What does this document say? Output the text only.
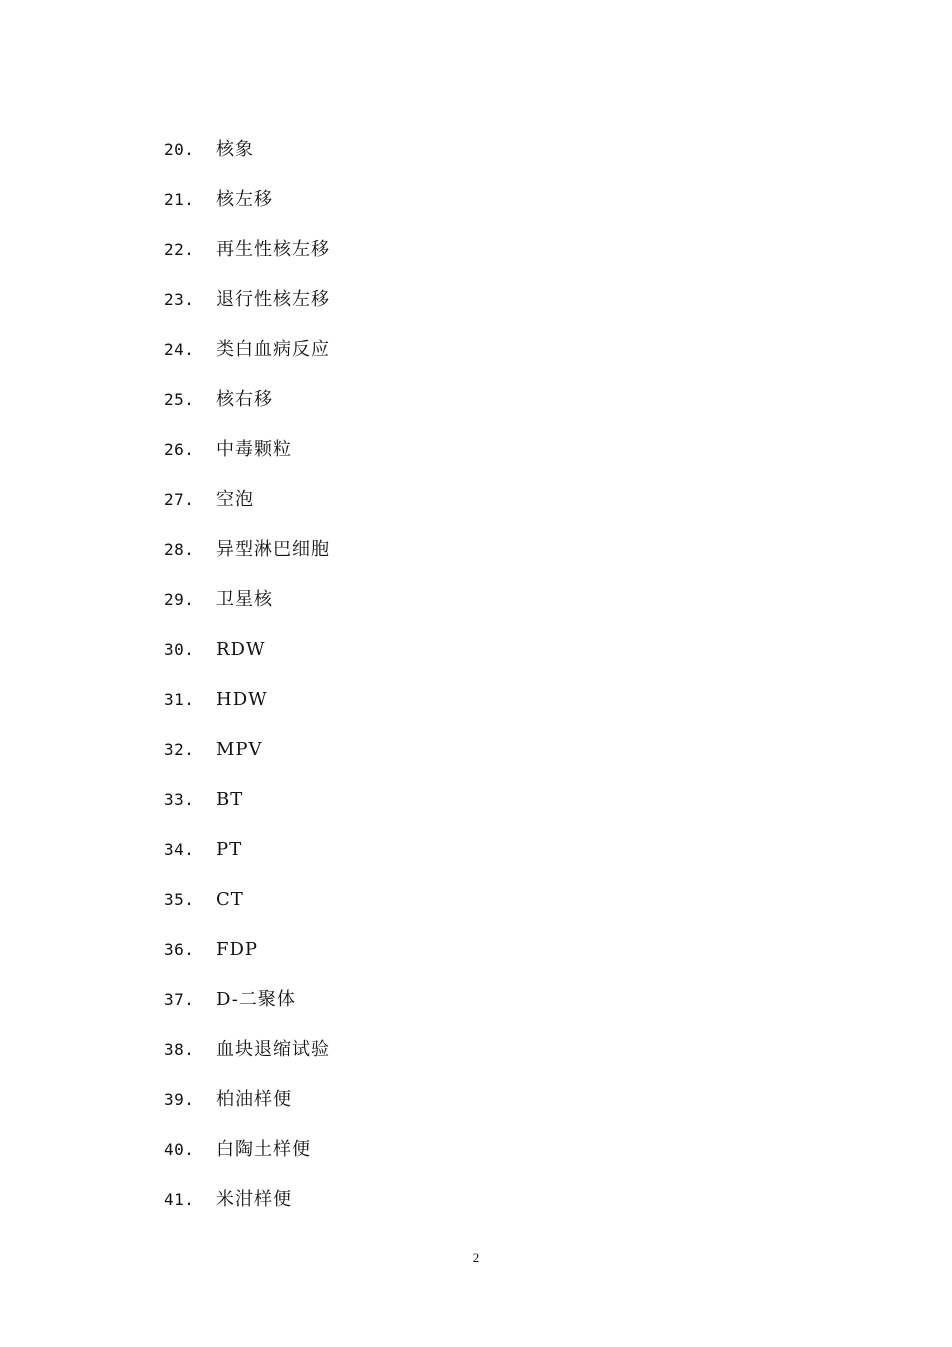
20.	核象
21.	核左移
22.	再生性核左移
23.	退行性核左移
24.	类白血病反应
25.	核右移
26.	中毒颗粒
27.	空泡
28.	异型淋巴细胞
29.	卫星核
30.	RDW
31.	HDW
32.	MPV
33.	BT
34.	PT
35.	CT
36.	FDP
37.	D-二聚体
38.	血块退缩试验
39.	柏油样便
40.	白陶土样便
41.	米泔样便
2
